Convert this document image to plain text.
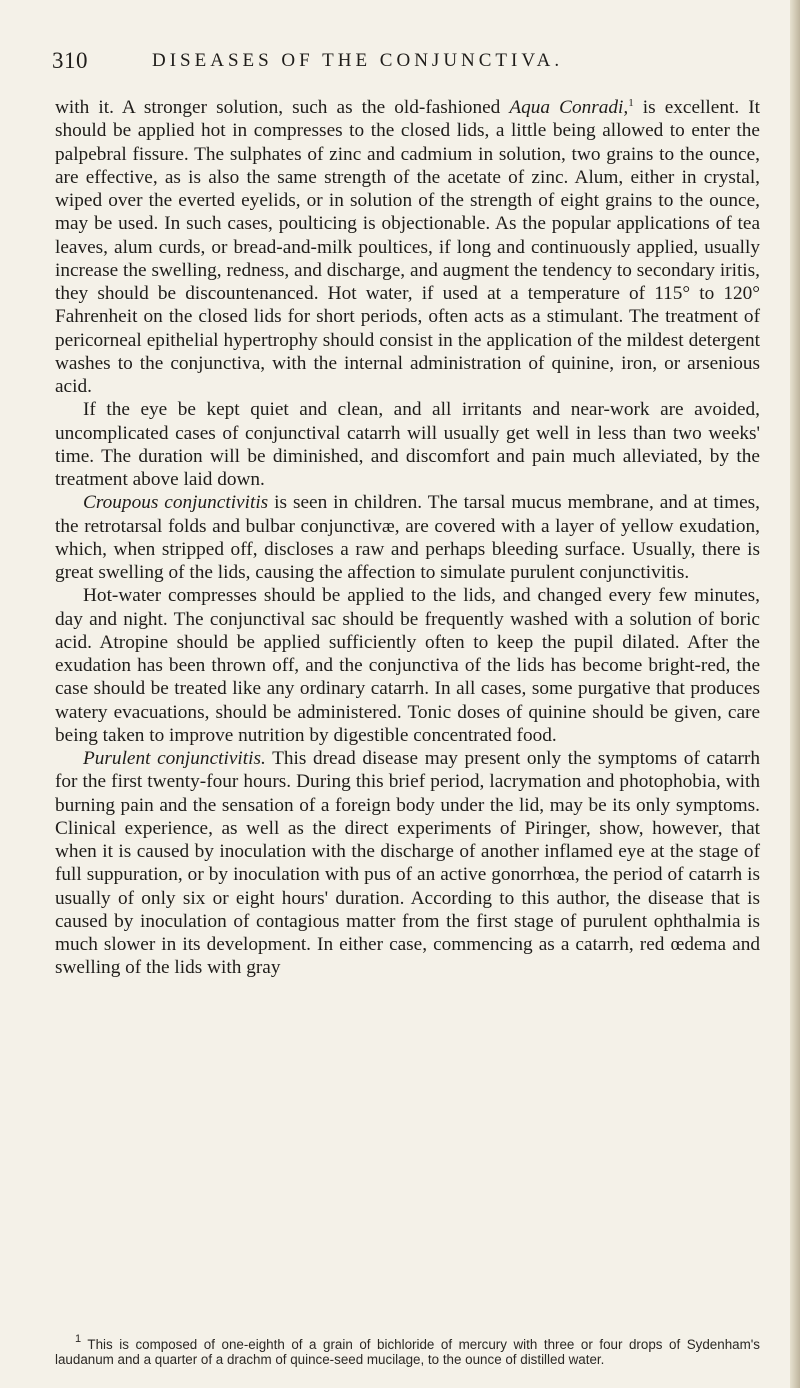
310	DISEASES OF THE CONJUNCTIVA.

with it. A stronger solution, such as the old-fashioned Aqua Conradi,$^1$ is excellent. It should be applied hot in compresses to the closed lids, a little being allowed to enter the palpebral fissure. The sulphates of zinc and cadmium in solution, two grains to the ounce, are effective, as is also the same strength of the acetate of zinc. Alum, either in crystal, wiped over the everted eyelids, or in solution of the strength of eight grains to the ounce, may be used. In such cases, poulticing is objectionable. As the popular applications of tea leaves, alum curds, or bread-and-milk poultices, if long and continuously applied, usually increase the swelling, redness, and discharge, and augment the tendency to secondary iritis, they should be discountenanced. Hot water, if used at a temperature of 115° to 120° Fahrenheit on the closed lids for short periods, often acts as a stimulant. The treatment of pericorneal epithelial hypertrophy should consist in the application of the mildest detergent washes to the conjunctiva, with the internal administration of quinine, iron, or arsenious acid.

If the eye be kept quiet and clean, and all irritants and near-work are avoided, uncomplicated cases of conjunctival catarrh will usually get well in less than two weeks' time. The duration will be diminished, and discomfort and pain much alleviated, by the treatment above laid down.

Croupous conjunctivitis is seen in children. The tarsal mucus membrane, and at times, the retrotarsal folds and bulbar conjunctivæ, are covered with a layer of yellow exudation, which, when stripped off, discloses a raw and perhaps bleeding surface. Usually, there is great swelling of the lids, causing the affection to simulate purulent conjunctivitis.

Hot-water compresses should be applied to the lids, and changed every few minutes, day and night. The conjunctival sac should be frequently washed with a solution of boric acid. Atropine should be applied sufficiently often to keep the pupil dilated. After the exudation has been thrown off, and the conjunctiva of the lids has become bright-red, the case should be treated like any ordinary catarrh. In all cases, some purgative that produces watery evacuations, should be administered. Tonic doses of quinine should be given, care being taken to improve nutrition by digestible concentrated food.

Purulent conjunctivitis. This dread disease may present only the symptoms of catarrh for the first twenty-four hours. During this brief period, lacrymation and photophobia, with burning pain and the sensation of a foreign body under the lid, may be its only symptoms. Clinical experience, as well as the direct experiments of Piringer, show, however, that when it is caused by inoculation with the discharge of another inflamed eye at the stage of full suppuration, or by inoculation with pus of an active gonorrhœa, the period of catarrh is usually of only six or eight hours' duration. According to this author, the disease that is caused by inoculation of contagious matter from the first stage of purulent ophthalmia is much slower in its development. In either case, commencing as a catarrh, red œdema and swelling of the lids with gray

$^1$ This is composed of one-eighth of a grain of bichloride of mercury with three or four drops of Sydenham's laudanum and a quarter of a drachm of quince-seed mucilage, to the ounce of distilled water.
